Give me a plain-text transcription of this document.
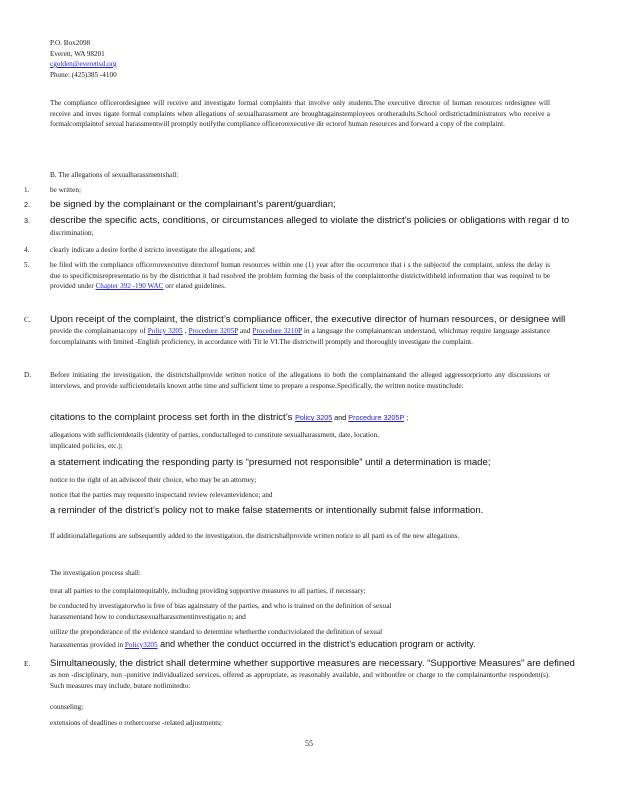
P.O. Box2098
Everett, WA 98201
cgolden@everettsd.org
Phone: (425)385 -4100
The compliance officerordesignee will receive and investigate formal complaints that involve only students.The executive director of human resources ordesignee will receive and inves tigate formal complaints when allegations of sexualharassment are broughtagainstemployees orotheradults.School ordistrictadministrators who receive a formalcomplaintof sexual harassmentwill promptly notifythe compliance officerorexecutive dir ectorof human resources and forward a copy of the complaint.
B. The allegations of sexualharassmentshall:
1.	be written;
2.	be signed by the complainant or the complainant’s parent/guardian;
3.	describe the specific acts, conditions, or circumstances alleged to violate the district’s policies or obligations with regar d to
discrimination;
4.	clearly indicate a desire forthe d istricto investigate the allegations; and
5.	be filed with the compliance officerorexecutive directorof human resources within one (1) year after the occurrence that i s the subjectof the complaint, unless the delay is due to specificmisrepresentatio ns by the districtthat it had resolved the problem forming the basis of the complaintorthe districtwithheld information that was required to be provided under Chapter 392 -190 WAC orr elated guidelines.
C.	Upon receipt of the complaint, the district’s compliance officer, the executive director of human resources, or designee will
provide the complainantacopy of Policy 3205 , Procedure 3205P and Procedure 3210P in a language the complainantcan understand, whichmay require language assistance forcomplainants with limited -English proficiency, in accordance with Tit le VI.The districtwill promptly and thoroughly investigate the complaint.
D.	Before initiating the investigation, the districtshallprovide written notice of the allegations to both the complainantand the alleged aggressorpriorto any discussions or interviews, and provide sufficientdetails known atthe time and sufficient time to prepare a response.Specifically, the written notice mustinclude:
citations to the complaint process set forth in the district’s Policy 3205 and Procedure 3205P ;
allegations with sufficientdetails (identity of parties, conductalleged to constitute sexualharassment, date, location,
implicated policies, etc.);
a statement indicating the responding party is “presumed not responsible” until a determination is made;
notice to the right of an advisorof their choice, who may be an attorney;
notice that the parties may requestto inspectand review relevantevidence; and
a reminder of the district’s policy not to make false statements or intentionally submit false information.
If additionalallegations are subsequently added to the investigation, the districtshallprovide written notice to all parti es of the new allegations.
The investigation process shall:
treat all parties to the complaintequitably, including providing supportive measures to all parties, if necessary;
be conducted by investigatorwho is free of bias againstany of the parties, and who is trained on the definition of sexual
harassmentand how to conductasexualharassmentinvestigatio n; and
utilize the preponderance of the evidence standard to determine whetherthe conductviolated the definition of sexual
harassmentas provided in Policy3205 and whether the conduct occurred in the district’s education program or activity.
E.	Simultaneously, the district shall determine whether supportive measures are necessary. “Supportive Measures” are defined
as non -disciplinary, non -punitive individualized services, offered as appropriate, as reasonably available, and withoutfee or charge to the complainantorthe respondent(s). Such measures may include, butare notlimitedto:
counseling;
extensions of deadlines o rothercourse -related adjustments;
55
